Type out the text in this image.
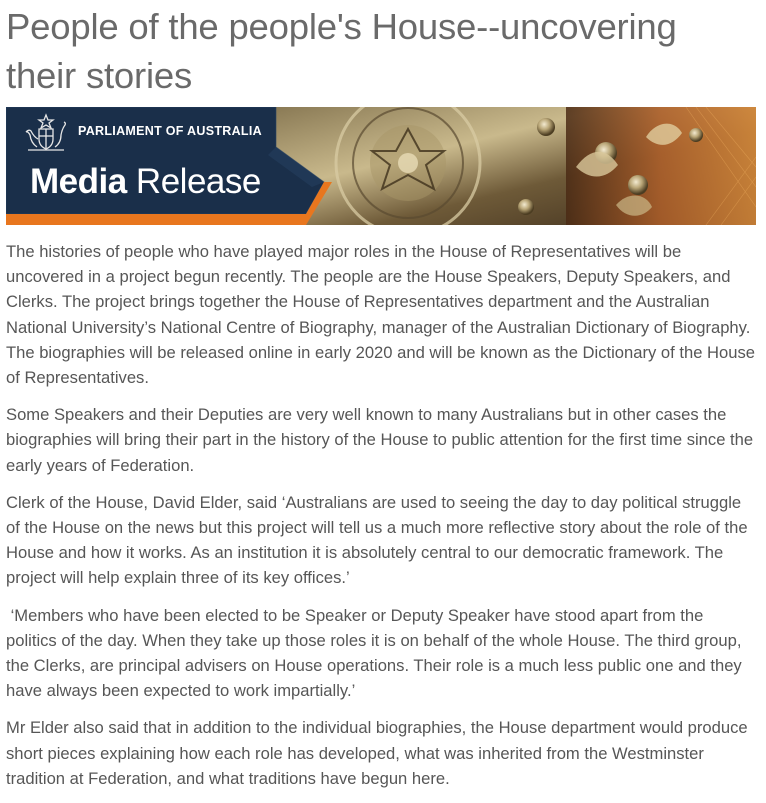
People of the people's House--uncovering their stories
PARLIAMENT OF AUSTRALIA
Media Release

The histories of people who have played major roles in the House of Representatives will be uncovered in a project begun recently. The people are the House Speakers, Deputy Speakers, and Clerks. The project brings together the House of Representatives department and the Australian National University’s National Centre of Biography, manager of the Australian Dictionary of Biography. The biographies will be released online in early 2020 and will be known as the Dictionary of the House of Representatives.

Some Speakers and their Deputies are very well known to many Australians but in other cases the biographies will bring their part in the history of the House to public attention for the first time since the early years of Federation.

Clerk of the House, David Elder, said ‘Australians are used to seeing the day to day political struggle of the House on the news but this project will tell us a much more reflective story about the role of the House and how it works. As an institution it is absolutely central to our democratic framework. The project will help explain three of its key offices.’

‘Members who have been elected to be Speaker or Deputy Speaker have stood apart from the politics of the day. When they take up those roles it is on behalf of the whole House. The third group, the Clerks, are principal advisers on House operations. Their role is a much less public one and they have always been expected to work impartially.’

Mr Elder also said that in addition to the individual biographies, the House department would produce short pieces explaining how each role has developed, what was inherited from the Westminster tradition at Federation, and what traditions have begun here.
